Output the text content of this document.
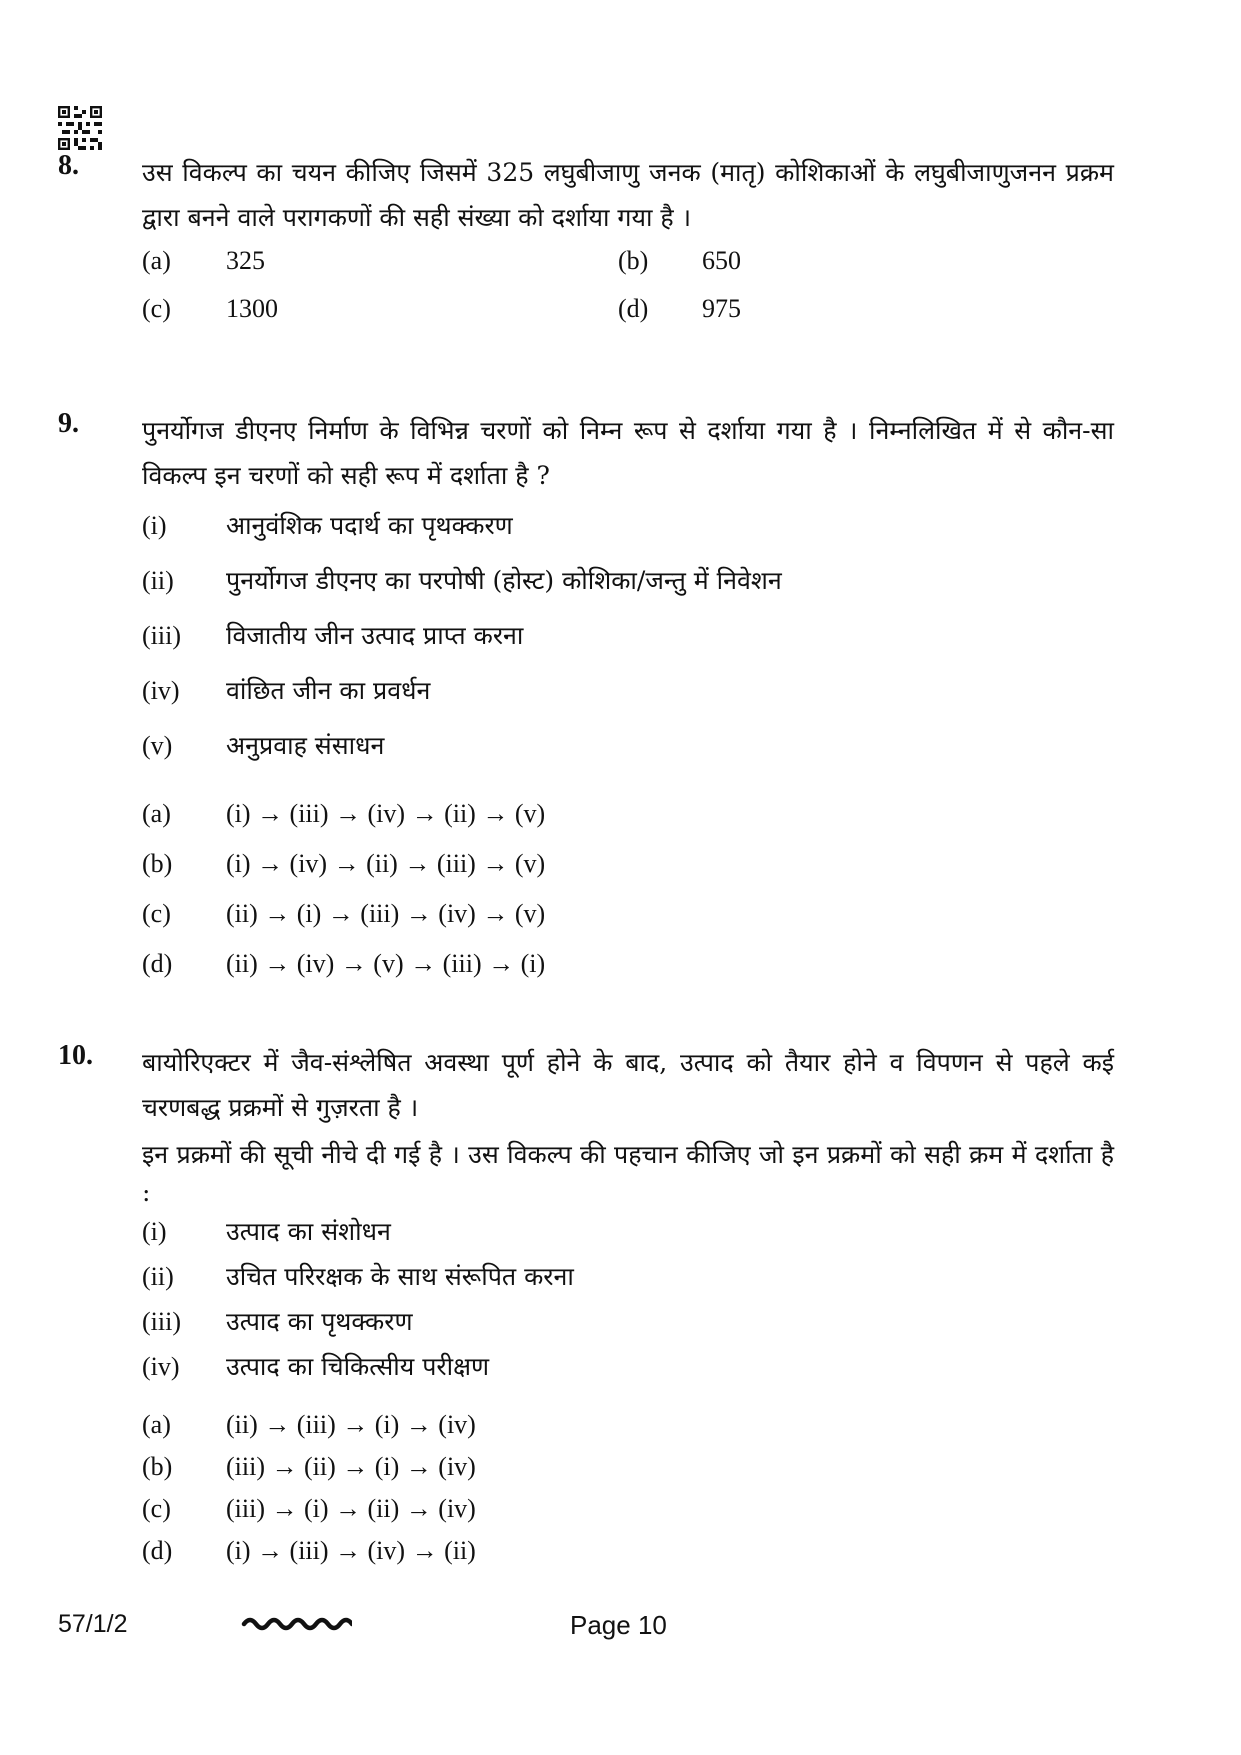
8.	उस विकल्प का चयन कीजिए जिसमें 325 लघुबीजाणु जनक (मातृ) कोशिकाओं के लघुबीजाणुजनन प्रक्रम द्वारा बनने वाले परागकणों की सही संख्या को दर्शाया गया है ।

(a)	325	(b)	650
(c)	1300	(d)	975
9.	पुनर्योगज डीएनए निर्माण के विभिन्न चरणों को निम्न रूप से दर्शाया गया है । निम्नलिखित में से कौन-सा विकल्प इन चरणों को सही रूप में दर्शाता है ?

(i)	आनुवंशिक पदार्थ का पृथक्करण
(ii)	पुनर्योगज डीएनए का परपोषी (होस्ट) कोशिका/जन्तु में निवेशन
(iii)	विजातीय जीन उत्पाद प्राप्त करना
(iv)	वांछित जीन का प्रवर्धन
(v)	अनुप्रवाह संसाधन
(a)	(i) → (iii) → (iv) → (ii) → (v)
(b)	(i) → (iv) → (ii) → (iii) → (v)
(c)	(ii) → (i) → (iii) → (iv) → (v)
(d)	(ii) → (iv) → (v) → (iii) → (i)
10. बायोरिएक्टर में जैव-संश्लेषित अवस्था पूर्ण होने के बाद, उत्पाद को तैयार होने व विपणन से पहले कई चरणबद्ध प्रक्रमों से गुज़रता है ।

इन प्रक्रमों की सूची नीचे दी गई है । उस विकल्प की पहचान कीजिए जो इन प्रक्रमों को सही क्रम में दर्शाता है :

(i)	उत्पाद का संशोधन
(ii)	उचित परिरक्षक के साथ संरूपित करना
(iii)	उत्पाद का पृथक्करण
(iv)	उत्पाद का चिकित्सीय परीक्षण
(a)	(ii) → (iii) → (i) → (iv)
(b)	(iii) → (ii) → (i) → (iv)
(c)	(iii) → (i) → (ii) → (iv)
(d)	(i) → (iii) → (iv) → (ii)
57/1/2	Page 10
